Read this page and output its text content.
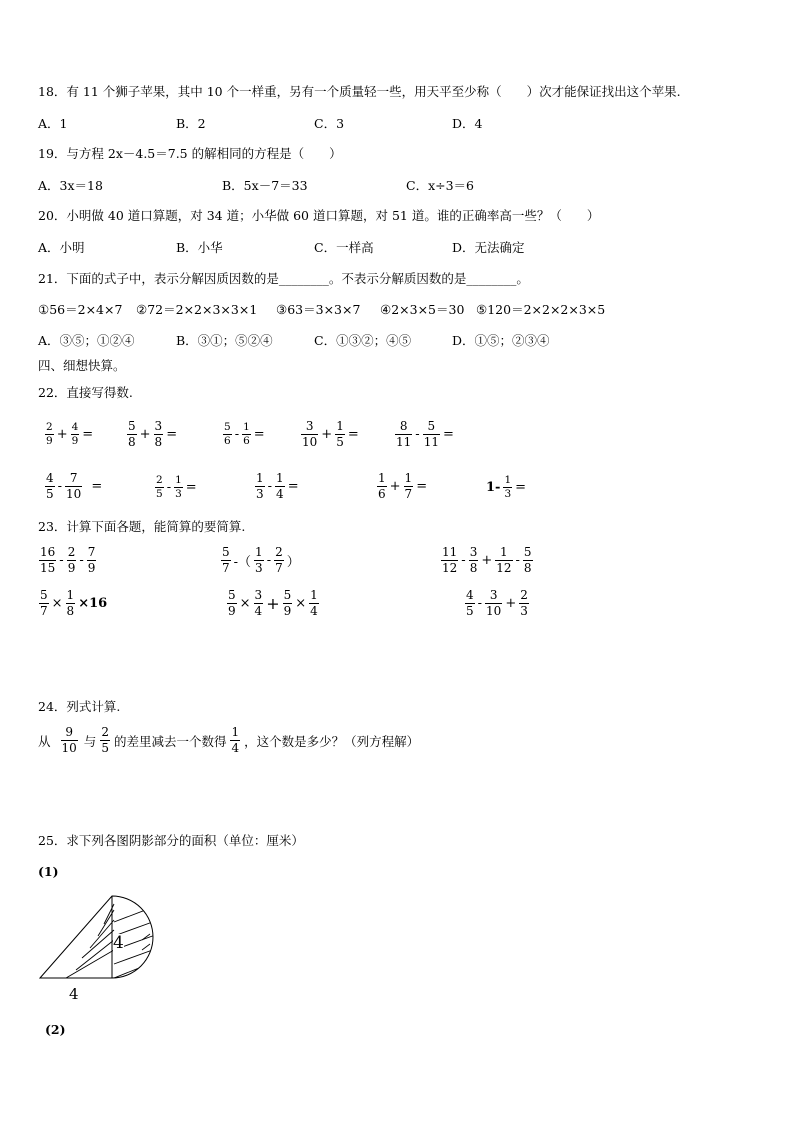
18．有 11 个狮子苹果，其中 10 个一样重，另有一个质量轻一些，用天平至少称（　　）次才能保证找出这个苹果.
A．1	B．2	C．3	D．4
19．与方程 2x－4.5＝7.5 的解相同的方程是（　　）
A．3x＝18	B．5x－7＝33	C．x÷3＝6
20．小明做 40 道口算题，对 34 道；小华做 60 道口算题，对 51 道。谁的正确率高一些？（　　）
A．小明	B．小华	C．一样高	D．无法确定
21．下面的式子中，表示分解因质因数的是________。不表示分解质因数的是________。
①56＝2×4×7 ②72＝2×2×3×3×1 ③63＝3×3×7 ④2×3×5＝30 ⑤120＝2×2×2×3×5
A．③⑤；①②④	B．③①；⑤②④	C．①③②；④⑤	D．①⑤；②③④
四、细想快算。
22．直接写得数.
$\frac{2}{9} + \frac{4}{9}$ =	$\frac{5}{8} + \frac{3}{8}$ =	$\frac{5}{6} - \frac{1}{6}$ =	$\frac{3}{10} + \frac{1}{5}$ =	$\frac{8}{11} - \frac{5}{11}$ =
$\frac{4}{5} - \frac{7}{10}$ =	$\frac{2}{5} - \frac{1}{3}$ =	$\frac{1}{3} - \frac{1}{4}$ =	$\frac{1}{6} + \frac{1}{7}$ =	$1- \frac{1}{3}$ =
23．计算下面各题，能简算的要简算.
$\frac{16}{15} - \frac{2}{9} - \frac{7}{9}$	$\frac{5}{7}$ -（ $\frac{1}{3} - \frac{2}{7}$ ）	$\frac{11}{12} - \frac{3}{8} + \frac{1}{12} - \frac{5}{8}$
$\frac{5}{7} \times \frac{1}{8} \times 16$	$\frac{5}{9} \times \frac{3}{4} + \frac{5}{9} \times \frac{1}{4}$	$\frac{4}{5} - \frac{3}{10} + \frac{2}{3}$
24．列式计算.
从 $\frac{9}{10}$ 与 $\frac{2}{5}$ 的差里减去一个数得 $\frac{1}{4}$ ，这个数是多少？（列方程解）
25．求下列各图阴影部分的面积（单位：厘米）
(1)
4
4
(2)
